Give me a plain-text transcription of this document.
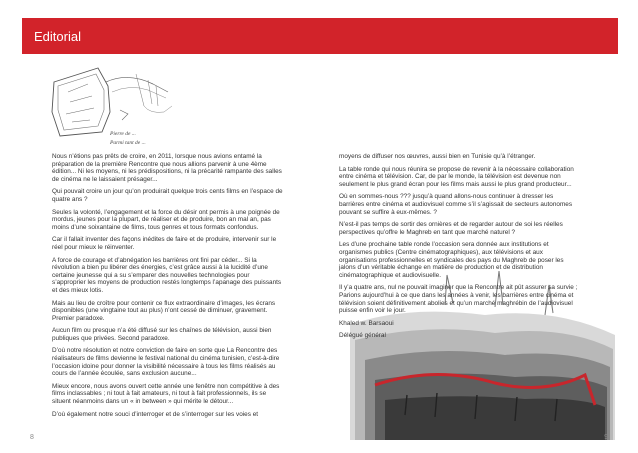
Editorial
Pierre de ...
Parmi tant de ...

Nous n’étions pas prêts de croire, en 2011, lorsque nous avions entamé la préparation de la première Rencontre que nous allions parvenir à une 4ème édition... Ni les moyens, ni les prédispositions, ni la précarité rampante des salles de cinéma ne le laissaient présager...

Qui pouvait croire un jour qu’on produirait quelque trois cents films en l’espace de quatre ans ?

Seules la volonté, l’engagement et la force du désir ont permis à une poignée de mordus, jeunes pour la plupart, de réaliser et de produire, bon an mal an, pas moins d’une soixantaine de films, tous genres et tous formats confondus.

Car il fallait inventer des façons inédites de faire et de produire, intervenir sur le réel pour mieux le réinventer.

A force de courage et d’abnégation les barrières ont fini par céder... Si la révolution a bien pu libérer des énergies, c’est grâce aussi à la lucidité d’une certaine jeunesse qui a su s’emparer des nouvelles technologies pour s’approprier les moyens de production restés longtemps l’apanage des puissants et des mieux lotis.

Mais au lieu de croître pour contenir ce flux extraordinaire d’images, les écrans disponibles (une vingtaine tout au plus) n’ont cessé de diminuer, gravement. Premier paradoxe.

Aucun film ou presque n’a été diffusé sur les chaînes de télévision, aussi bien publiques que privées. Second paradoxe.

D’où notre résolution et notre conviction de faire en sorte que La Rencontre des réalisateurs de films devienne le festival national du cinéma tunisien, c’est-à-dire l’occasion idoine pour donner la visibilité nécessaire à tous les films réalisés au cours de l’année écoulée, sans exclusion aucune...

Mieux encore, nous avons ouvert cette année une fenêtre non compétitive à des films inclassables ; ni tout à fait amateurs, ni tout à fait professionnels, ils se situent néanmoins dans un « in between » qui mérite le détour...

D’où également notre souci d’interroger et de s’interroger sur les voies et

moyens de diffuser nos œuvres, aussi bien en Tunisie qu’à l’étranger.

La table ronde qui nous réunira se propose de revenir à la nécessaire collaboration entre cinéma et télévision. Car, de par le monde, la télévision est devenue non seulement le plus grand écran pour les films mais aussi le plus grand producteur...

Où en sommes-nous ??? jusqu’à quand allons-nous continuer à dresser les barrières entre cinéma et audiovisuel comme s’il s’agissait de secteurs autonomes pouvant se suffire à eux-mêmes. ?

N’est-il pas temps de sortir des ornières et de regarder autour de soi les réelles perspectives qu’offre le Maghreb en tant que marché naturel ?

Les d’une prochaine table ronde l’occasion sera donnée aux institutions et organismes publics (Centre cinématographiques), aux télévisions et aux organisations professionnelles et syndicales des pays du Maghreb de poser les jalons d’un véritable échange en matière de production et de distribution cinématographique et audiovisuelle.

Il y’a quatre ans, nul ne pouvait imaginer que la Rencontre ait pût assurer sa survie ; Parions aujourd’hui à ce que dans les années à venir, les barrières entre cinéma et télévision soient définitivement abolies et qu’un marché maghrébin de l’audiovisuel puisse enfin voir le jour.

Khaled w. Barsaoui

Délégué général

8	9
